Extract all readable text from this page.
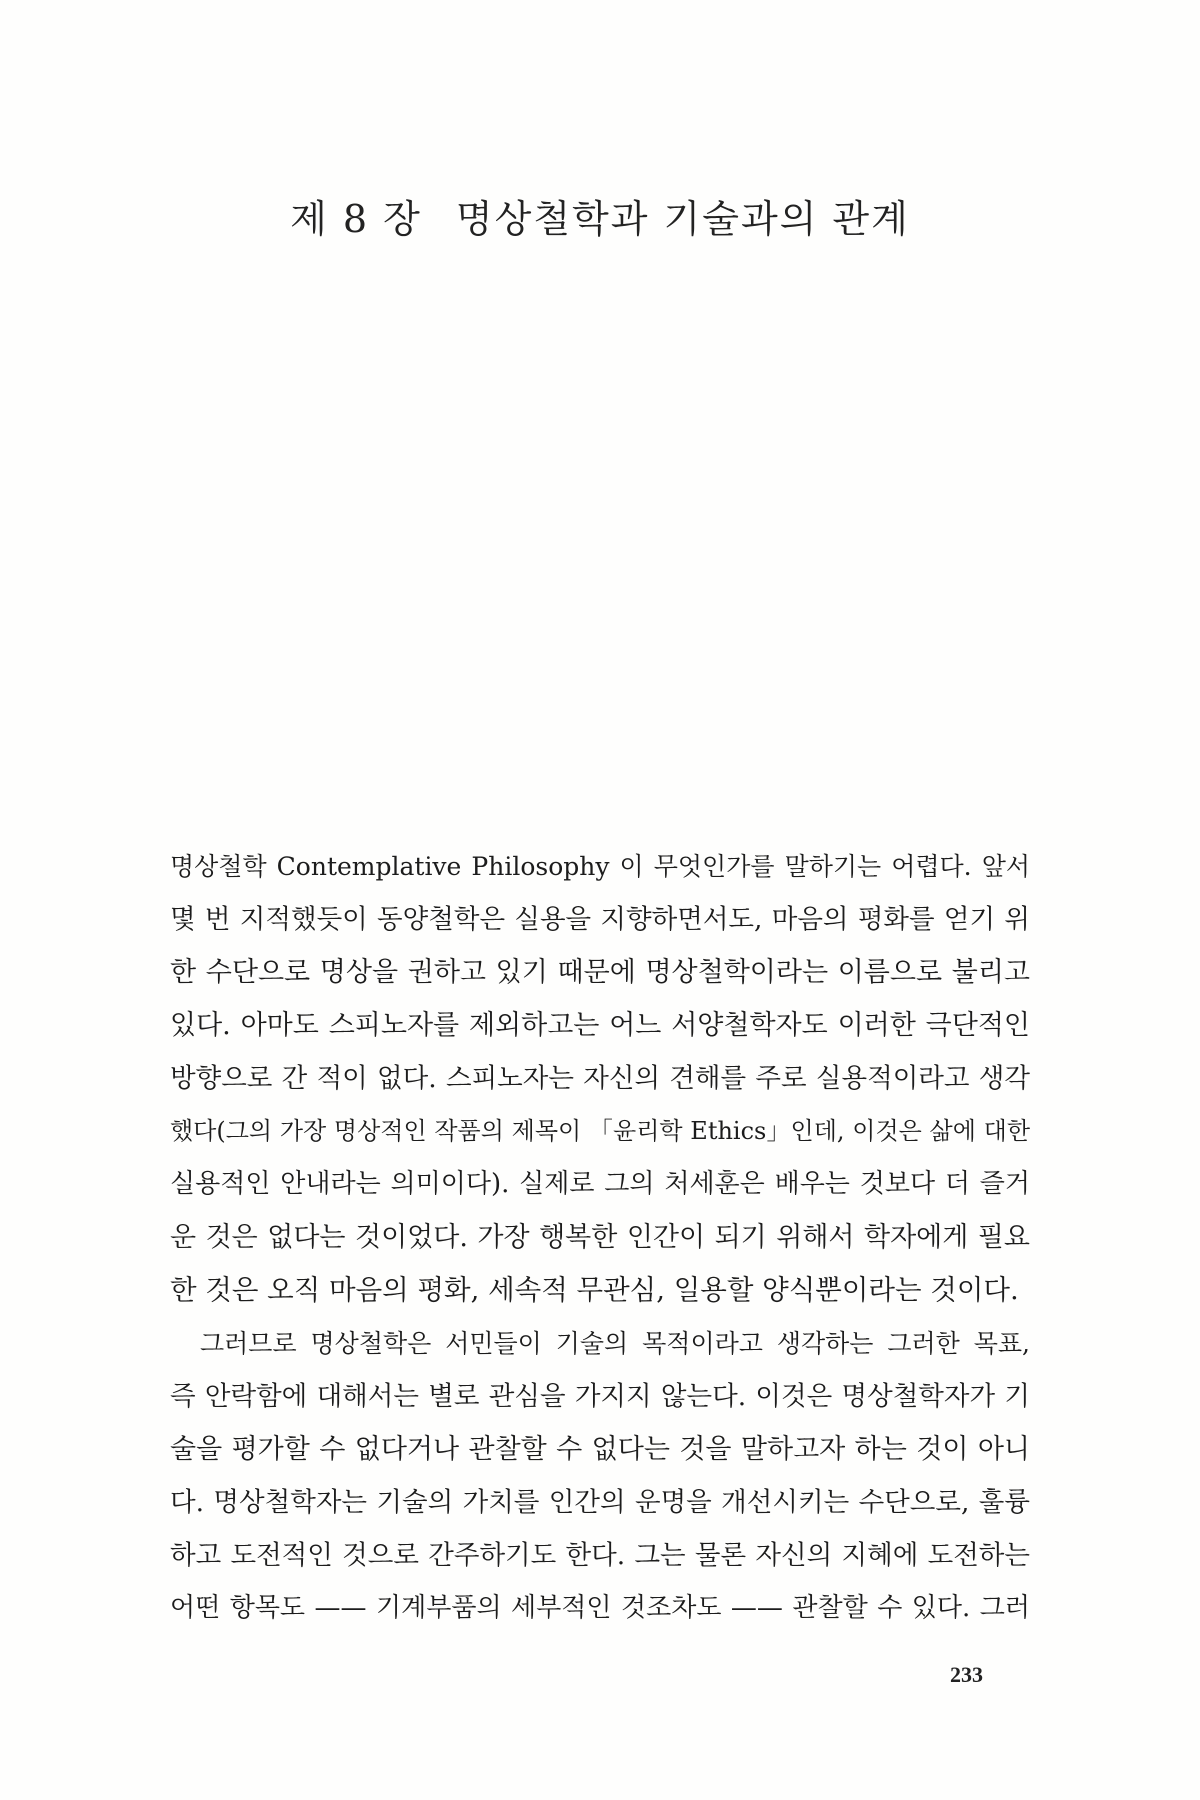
제 8 장 명상철학과 기술과의 관계
명상철학 Contemplative Philosophy 이 무엇인가를 말하기는 어렵다. 앞서
몇 번 지적했듯이 동양철학은 실용을 지향하면서도, 마음의 평화를 얻기 위
한 수단으로 명상을 권하고 있기 때문에 명상철학이라는 이름으로 불리고
있다. 아마도 스피노자를 제외하고는 어느 서양철학자도 이러한 극단적인
방향으로 간 적이 없다. 스피노자는 자신의 견해를 주로 실용적이라고 생각
했다(그의 가장 명상적인 작품의 제목이 「윤리학 Ethics」인데, 이것은 삶에 대한
실용적인 안내라는 의미이다). 실제로 그의 처세훈은 배우는 것보다 더 즐거
운 것은 없다는 것이었다. 가장 행복한 인간이 되기 위해서 학자에게 필요
한 것은 오직 마음의 평화, 세속적 무관심, 일용할 양식뿐이라는 것이다.
그러므로 명상철학은 서민들이 기술의 목적이라고 생각하는 그러한 목표,
즉 안락함에 대해서는 별로 관심을 가지지 않는다. 이것은 명상철학자가 기
술을 평가할 수 없다거나 관찰할 수 없다는 것을 말하고자 하는 것이 아니
다. 명상철학자는 기술의 가치를 인간의 운명을 개선시키는 수단으로, 훌륭
하고 도전적인 것으로 간주하기도 한다. 그는 물론 자신의 지혜에 도전하는
어떤 항목도 —— 기계부품의 세부적인 것조차도 —— 관찰할 수 있다. 그러

233
